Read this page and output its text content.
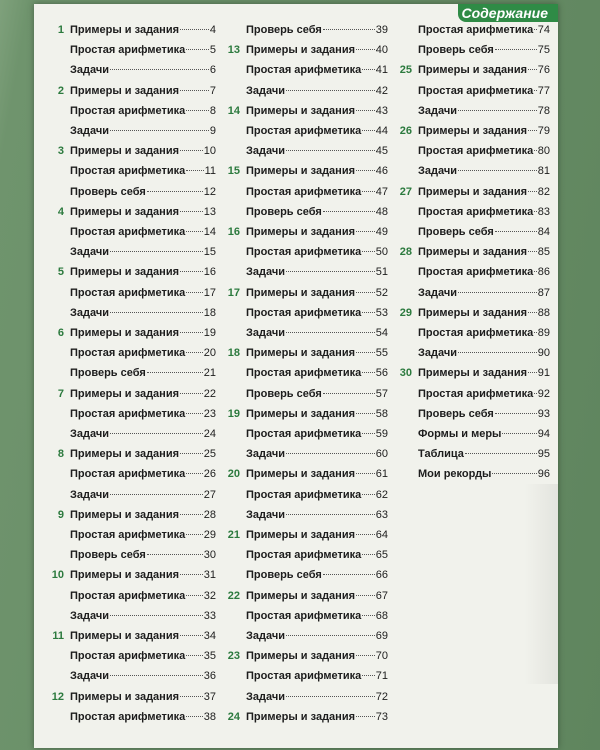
Содержание
1 Примеры и задания	4
Простая арифметика 5
Задачи	6
2 Примеры и задания	7
Простая арифметика 8
Задачи	9
3 Примеры и задания 10
Простая арифметика 11
Проверь себя	12
4 Примеры и задания 13
Простая арифметика 14
Задачи	15
5 Примеры и задания 16
Простая арифметика 17
Задачи	18
6 Примеры и задания 19
Простая арифметика 20
Проверь себя	21
7 Примеры и задания 22
Простая арифметика 23
Задачи	24
8 Примеры и задания 25
Простая арифметика 26
Задачи	27
9 Примеры и задания 28
Простая арифметика 29
Проверь себя	30
10 Примеры и задания 31
Простая арифметика 32
Задачи	33
11 Примеры и задания 34
Простая арифметика 35
Задачи	36
12 Примеры и задания 37
Простая арифметика 38
Проверь себя	39
13 Примеры и задания 40
Простая арифметика 41
Задачи	42
14 Примеры и задания 43
Простая арифметика 44
Задачи	45
15 Примеры и задания 46
Простая арифметика 47
Проверь себя	48
16 Примеры и задания 49
Простая арифметика 50
Задачи	51
17 Примеры и задания 52
Простая арифметика 53
Задачи	54
18 Примеры и задания 55
Простая арифметика 56
Проверь себя	57
19 Примеры и задания 58
Простая арифметика 59
Задачи	60
20 Примеры и задания 61
Простая арифметика 62
Задачи	63
21 Примеры и задания 64
Простая арифметика 65
Проверь себя	66
22 Примеры и задания 67
Простая арифметика 68
Задачи	69
23 Примеры и задания 70
Простая арифметика 71
Задачи	72
24 Примеры и задания 73
Простая арифметика 74
Проверь себя	75
25 Примеры и задания 76
Простая арифметика 77
Задачи	78
26 Примеры и задания 79
Простая арифметика 80
Задачи	81
27 Примеры и задания 82
Простая арифметика 83
Проверь себя	84
28 Примеры и задания 85
Простая арифметика 86
Задачи	87
29 Примеры и задания 88
Простая арифметика 89
Задачи	90
30 Примеры и задания 91
Простая арифметика 92
Проверь себя	93
Формы и меры	94
Таблица	95
Мои рекорды	96
